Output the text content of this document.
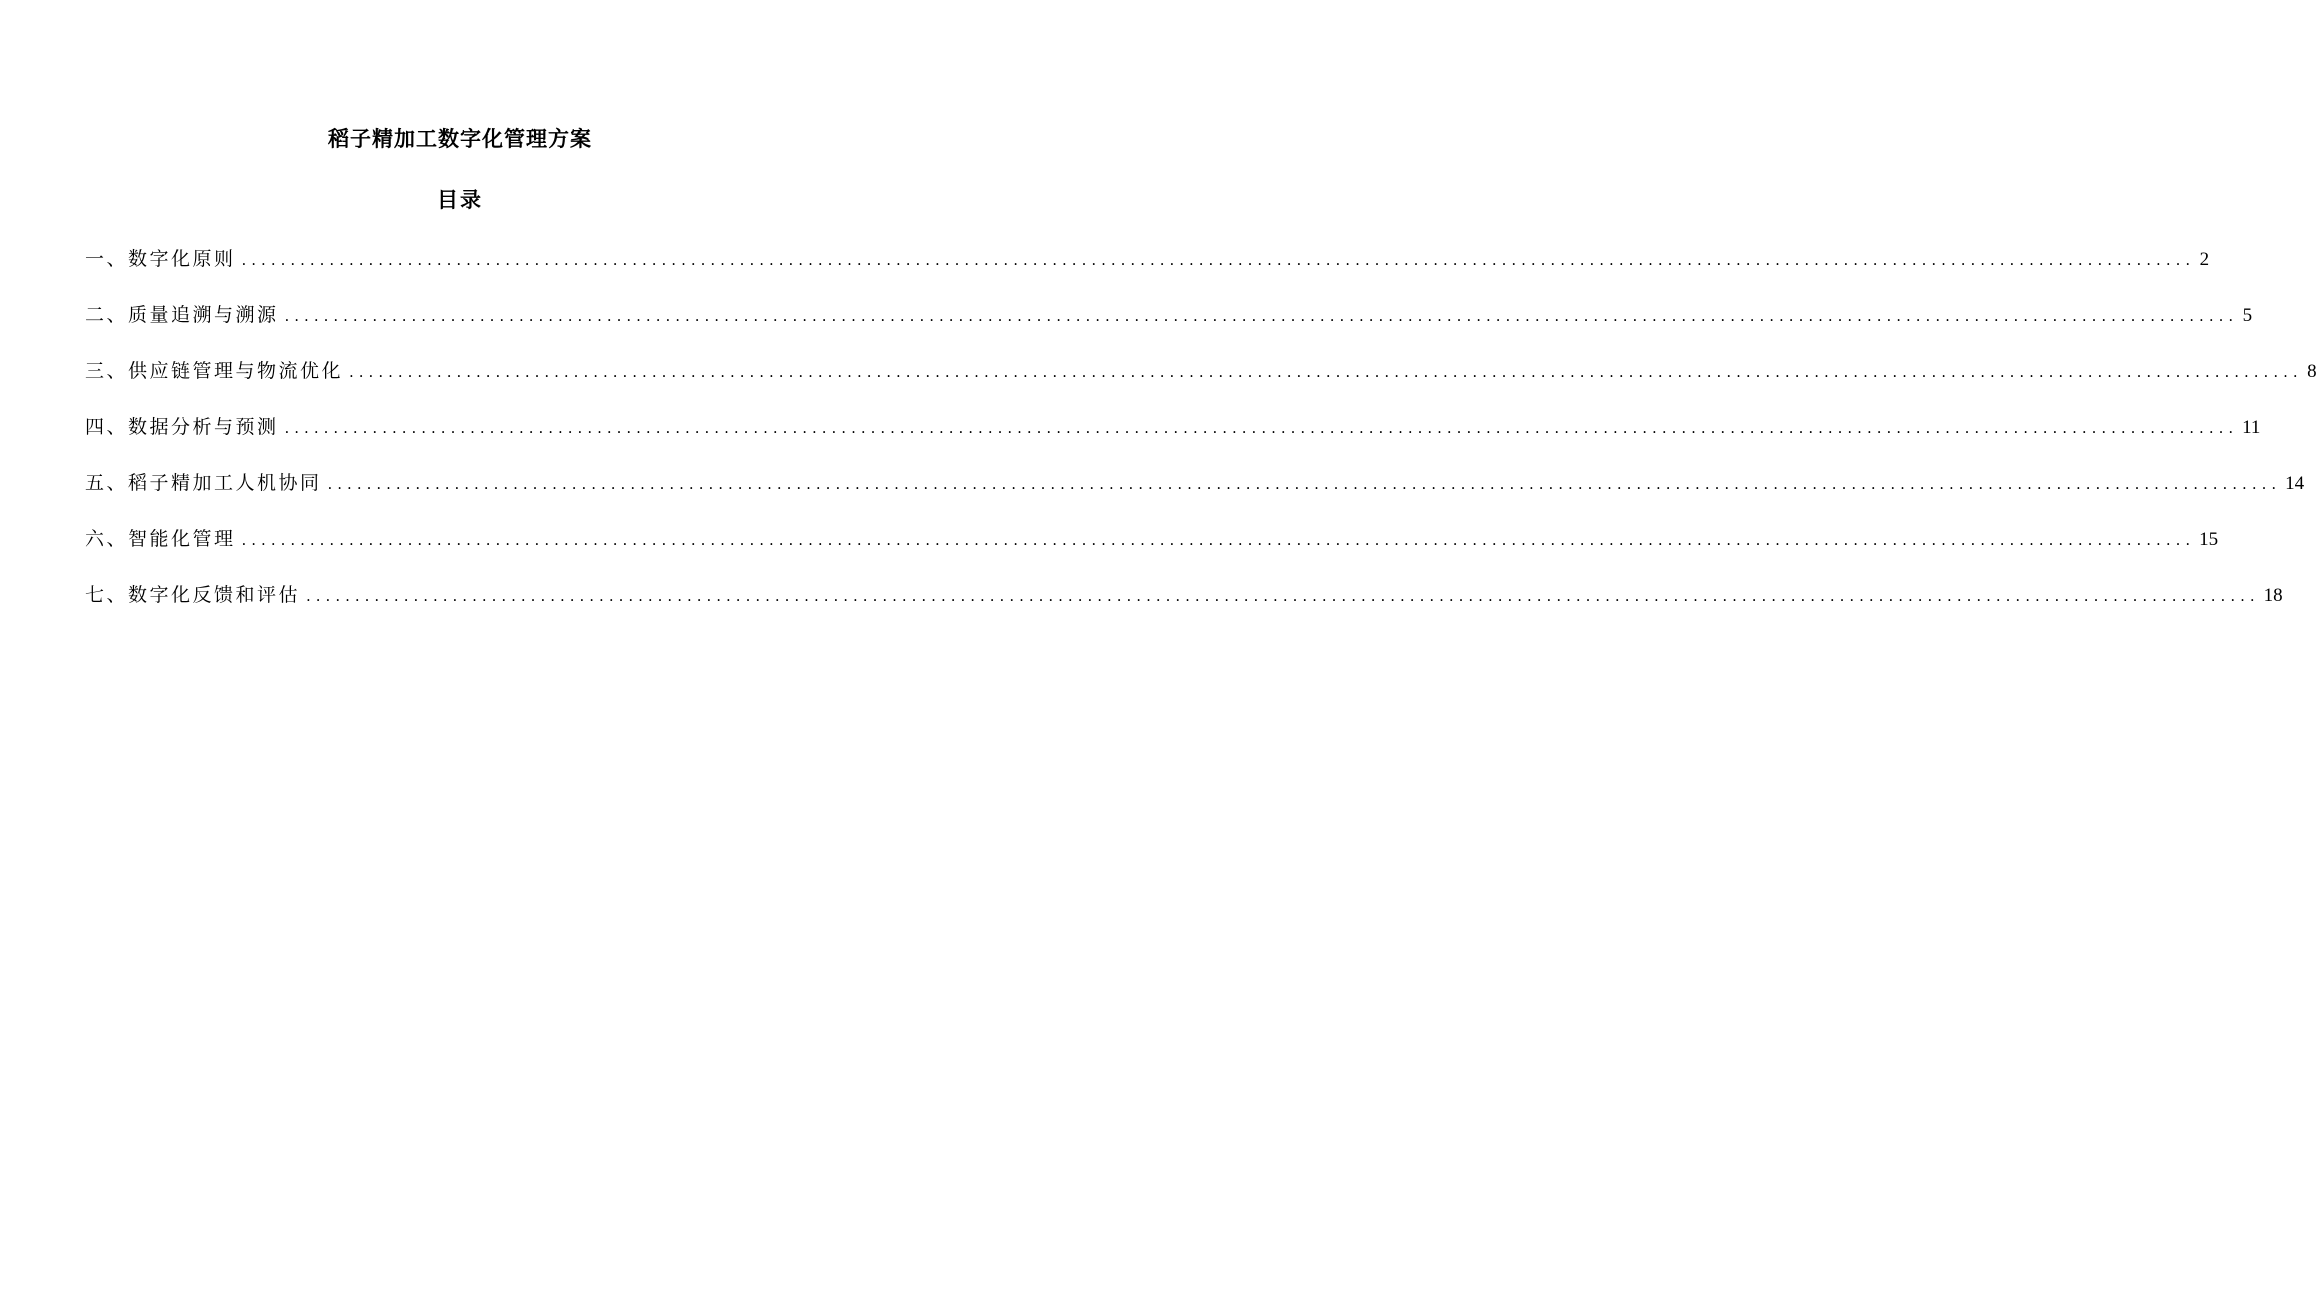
稻子精加工数字化管理方案
目录
一、数字化原则 ........................................................................................................................................................................................................ 2
二、质量追溯与溯源 ........................................................................................................................................................................................................ 5
三、供应链管理与物流优化 ........................................................................................................................................................................................................ 8
四、数据分析与预测 ........................................................................................................................................................................................................ 11
五、稻子精加工人机协同 ........................................................................................................................................................................................................ 14
六、智能化管理 ........................................................................................................................................................................................................ 15
七、数字化反馈和评估 ........................................................................................................................................................................................................ 18
